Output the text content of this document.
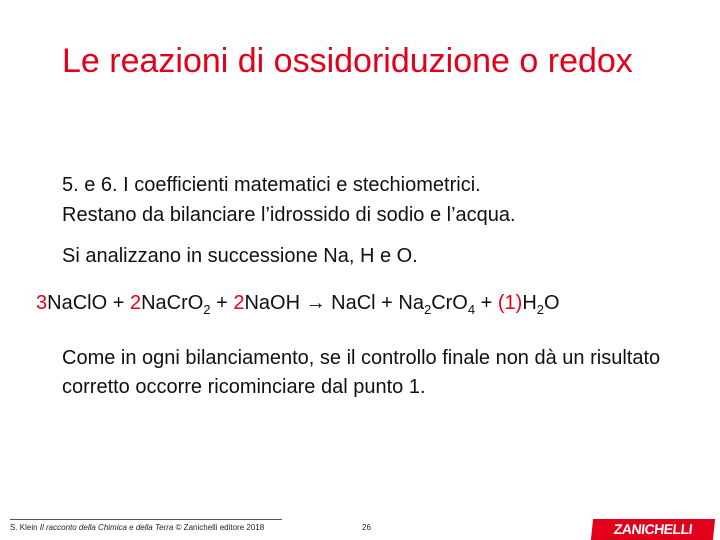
Le reazioni di ossidoriduzione o redox
5. e 6. I coefficienti matematici e stechiometrici.
Restano da bilanciare l’idrossido di sodio e l’acqua.
Si analizzano in successione Na, H e O.
3NaClO + 2NaCrO$_2$ + 2NaOH → NaCl + $Na_2CrO_4 + (1)H_2O$
Come in ogni bilanciamento, se il controllo finale non dà un risultato corretto occorre ricominciare dal punto 1.
S. Klein Il racconto della Chimica e della Terra © Zanichelli editore 2018	26	ZANICHELLI
